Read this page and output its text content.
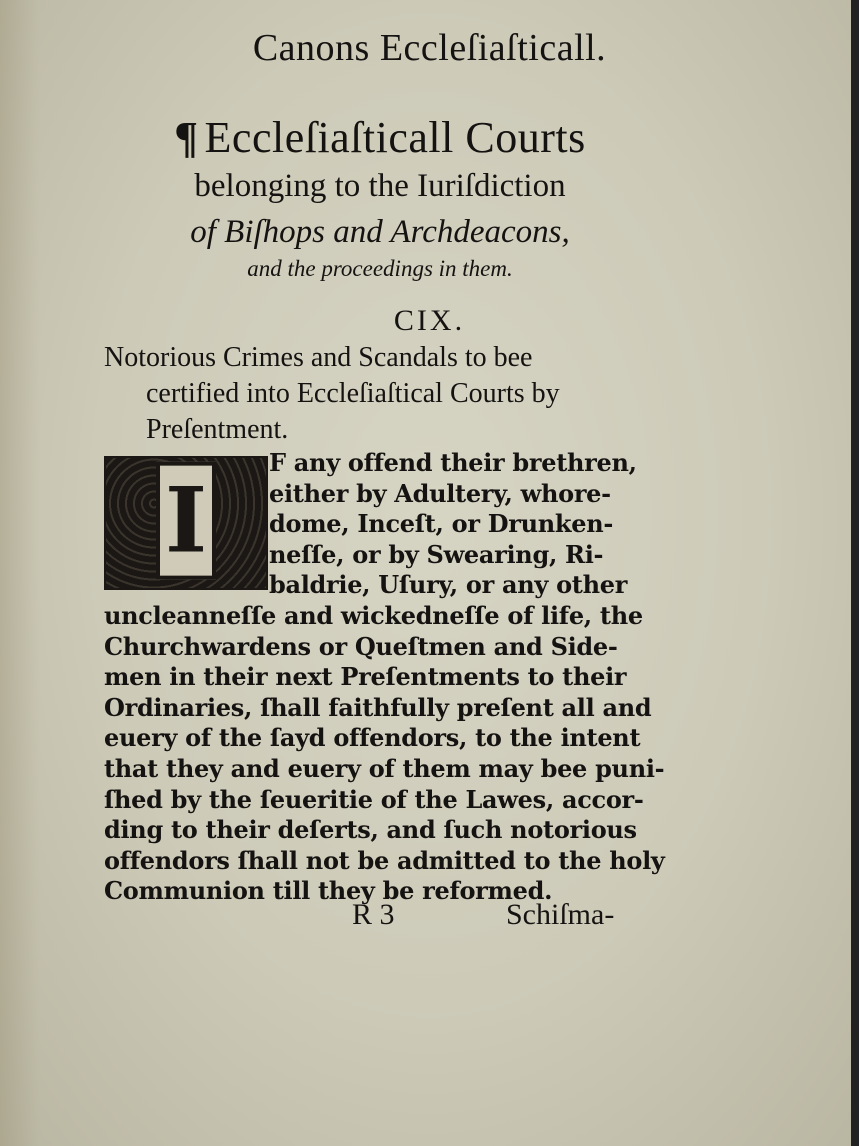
Canons Eccleſiaſticall.
¶ Eccleſiaſticall Courts
belonging to the Iuriſdiction
of Biſhops and Archdeacons,
and the proceedings in them.
CIX.
Notorious Crimes and Scandals to bee
certified into Eccleſiaſtical Courts by
Preſentment.
I
F any offend their brethren,
either by Adultery, whore-
dome, Inceſt, or Drunken-
neſſe, or by Swearing, Ri-
baldrie, Uſury, or any other
uncleanneſſe and wickedneſſe of life, the
Churchwardens or Queſtmen and Side-
men in their next Preſentments to their
Ordinaries, ſhall faithfully preſent all and
euery of the ſayd offendors, to the intent
that they and euery of them may bee puni-
ſhed by the ſeueritie of the Lawes, accor-
ding to their deſerts, and ſuch notorious
offendors ſhall not be admitted to the holy
Communion till they be reformed.
R 3	Schiſma-
